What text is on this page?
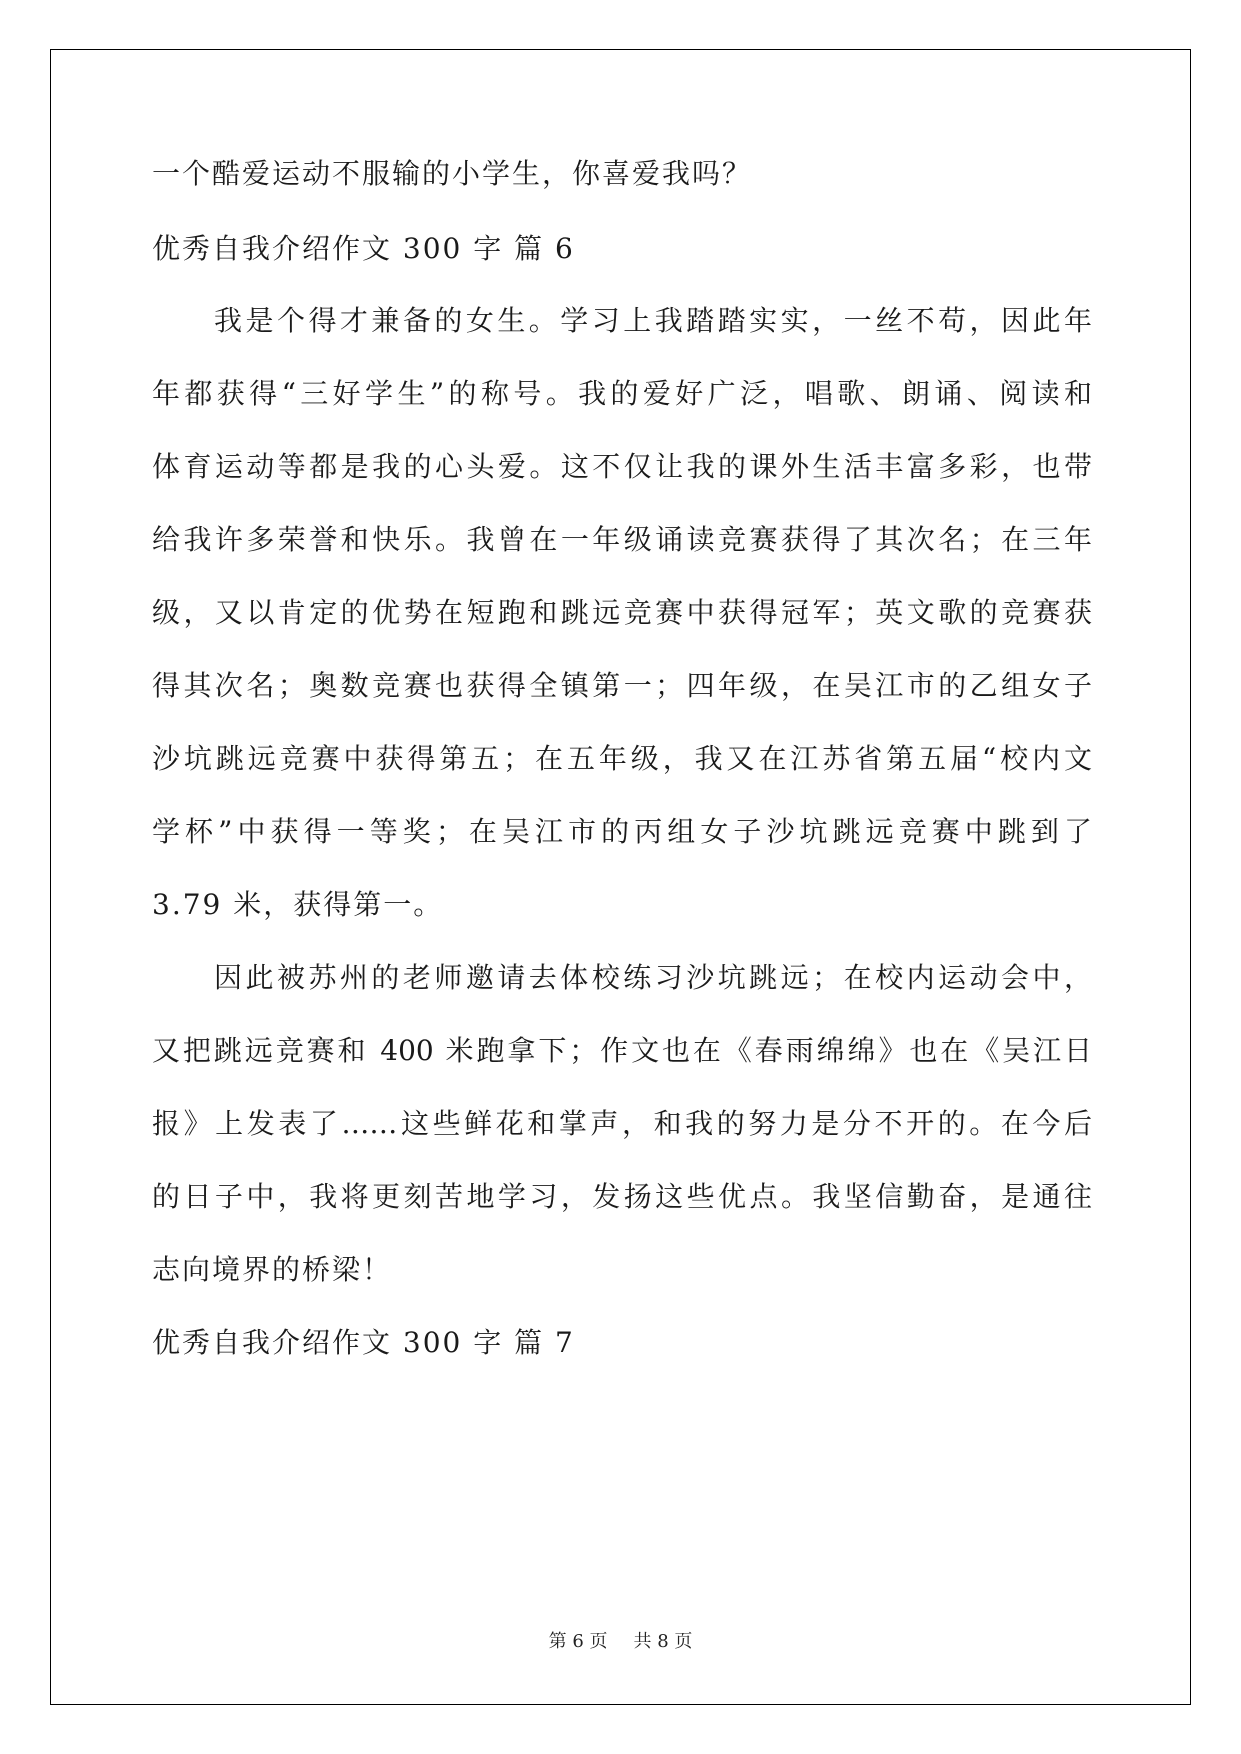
一个酷爱运动不服输的小学生，你喜爱我吗？
优秀自我介绍作文 300 字 篇 6
我是个得才兼备的女生。学习上我踏踏实实，一丝不苟，因此年
年都获得“三好学生”的称号。我的爱好广泛，唱歌、朗诵、阅读和
体育运动等都是我的心头爱。这不仅让我的课外生活丰富多彩，也带
给我许多荣誉和快乐。我曾在一年级诵读竞赛获得了其次名；在三年
级，又以肯定的优势在短跑和跳远竞赛中获得冠军；英文歌的竞赛获
得其次名；奥数竞赛也获得全镇第一；四年级，在吴江市的乙组女子
沙坑跳远竞赛中获得第五；在五年级，我又在江苏省第五届“校内文
学杯”中获得一等奖；在吴江市的丙组女子沙坑跳远竞赛中跳到了
3.79 米，获得第一。
因此被苏州的老师邀请去体校练习沙坑跳远；在校内运动会中，
又把跳远竞赛和 400 米跑拿下；作文也在《春雨绵绵》也在《吴江日
报》上发表了……这些鲜花和掌声，和我的努力是分不开的。在今后
的日子中，我将更刻苦地学习，发扬这些优点。我坚信勤奋，是通往
志向境界的桥梁！
优秀自我介绍作文 300 字 篇 7
第 6 页 共 8 页
